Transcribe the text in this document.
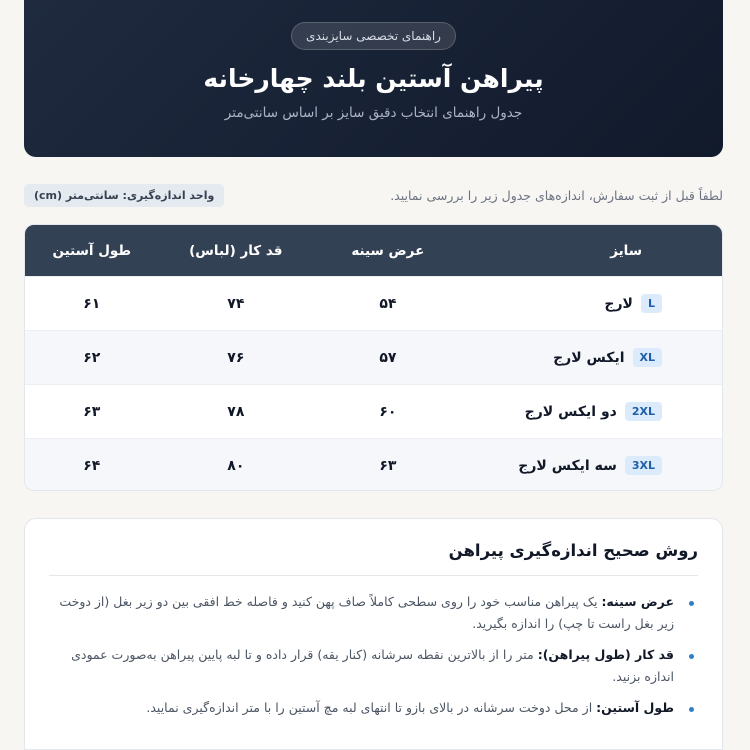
راهنمای تخصصی سایزبندی
پیراهن آستین بلند چهارخانه

جدول راهنمای انتخاب دقیق سایز بر اساس سانتی‌متر

لطفاً قبل از ثبت سفارش، اندازه‌های جدول زیر را بررسی نمایید.
واحد اندازه‌گیری: سانتی‌متر (cm)
سایز
عرض سینه
قد کار (لباس)
طول آستین
L
لارج
۵۴
۷۴
۶۱
XL
ایکس لارج
۵۷
۷۶
۶۲
2XL
دو ایکس لارج
۶۰
۷۸
۶۳
3XL
سه ایکس لارج
۶۳
۸۰
۶۴
روش صحیح اندازه‌گیری پیراهن
عرض سینه: یک پیراهن مناسب خود را روی سطحی کاملاً صاف پهن کنید و فاصله خط افقی بین دو زیر بغل (از دوخت زیر بغل راست تا چپ) را اندازه بگیرید.
قد کار (طول پیراهن): متر را از بالاترین نقطه سرشانه (کنار یقه) قرار داده و تا لبه پایین پیراهن به‌صورت عمودی اندازه بزنید.
طول آستین: از محل دوخت سرشانه در بالای بازو تا انتهای لبه مچ آستین را با متر اندازه‌گیری نمایید.
